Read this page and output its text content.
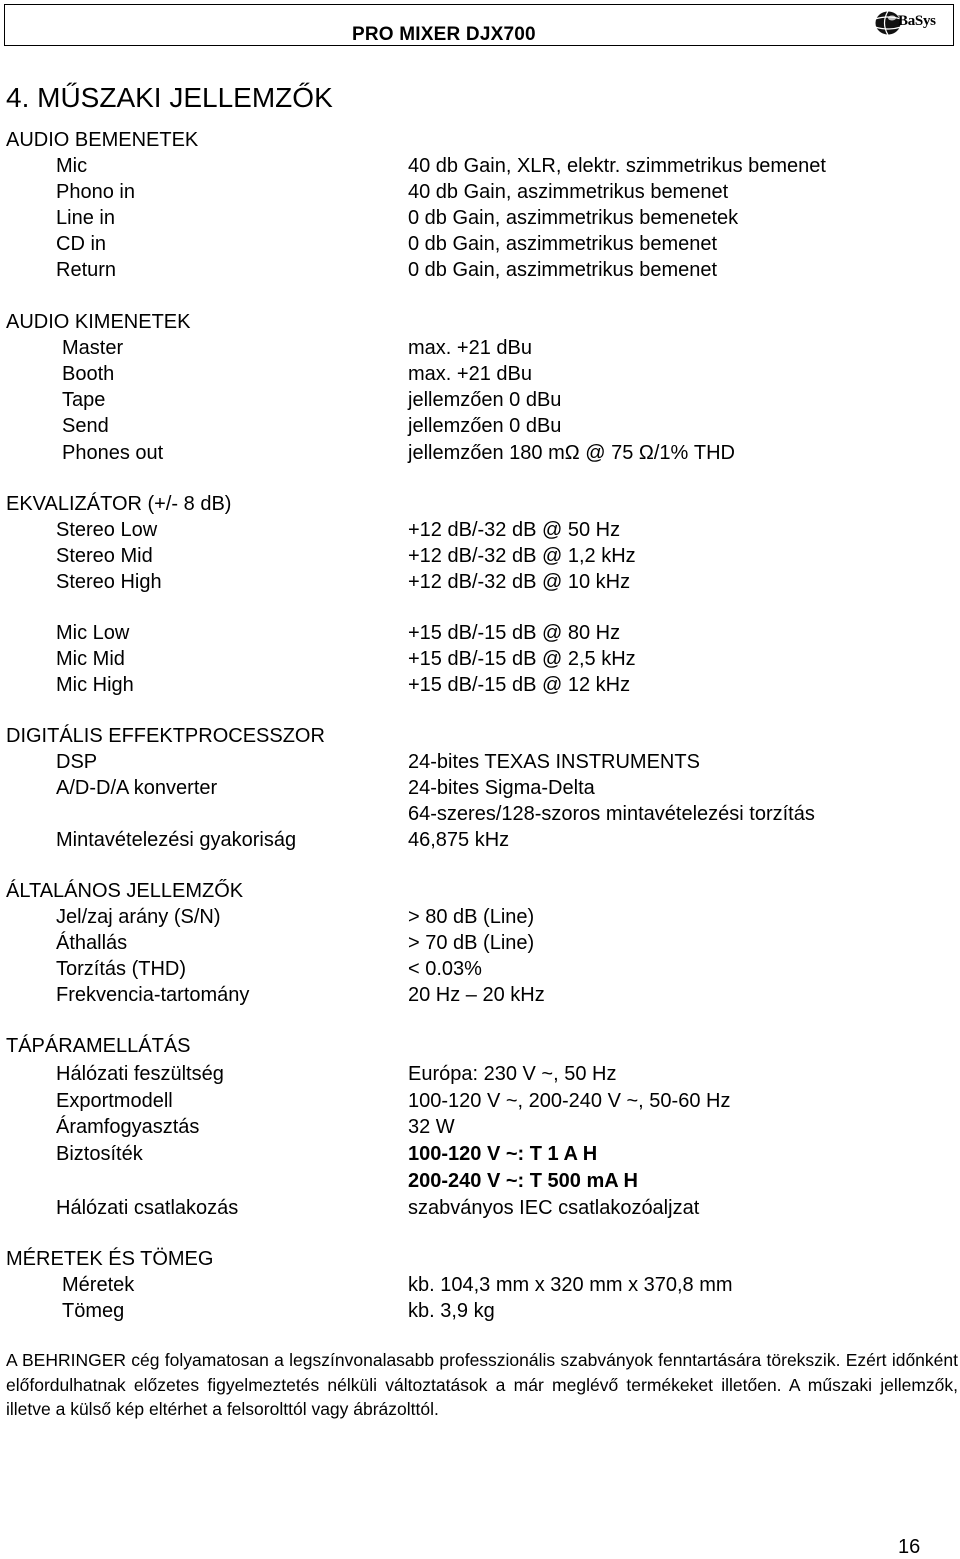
PRO MIXER DJX700
BaSys
4. MŰSZAKI JELLEMZŐK
AUDIO BEMENETEK
Mic	40 db Gain, XLR, elektr. szimmetrikus bemenet
Phono in	40 db Gain, aszimmetrikus bemenet
Line in	0 db Gain, aszimmetrikus bemenetek
CD in	0 db Gain, aszimmetrikus bemenet
Return	0 db Gain, aszimmetrikus bemenet
AUDIO KIMENETEK
Master	max. +21 dBu
Booth	max. +21 dBu
Tape	jellemzően 0 dBu
Send	jellemzően 0 dBu
Phones out	jellemzően 180 mΩ @ 75 Ω/1% THD
EKVALIZÁTOR (+/- 8 dB)
Stereo Low	+12 dB/-32 dB @ 50 Hz
Stereo Mid	+12 dB/-32 dB @ 1,2 kHz
Stereo High	+12 dB/-32 dB @ 10 kHz
Mic Low	+15 dB/-15 dB @ 80 Hz
Mic Mid	+15 dB/-15 dB @ 2,5 kHz
Mic High	+15 dB/-15 dB @ 12 kHz
DIGITÁLIS EFFEKTPROCESSZOR
DSP	24-bites TEXAS INSTRUMENTS
A/D-D/A konverter	24-bites Sigma-Delta
64-szeres/128-szoros mintavételezési torzítás
Mintavételezési gyakoriság	46,875 kHz
ÁLTALÁNOS JELLEMZŐK
Jel/zaj arány (S/N)	> 80 dB (Line)
Áthallás	> 70 dB (Line)
Torzítás (THD)	< 0.03%
Frekvencia-tartomány	20 Hz – 20 kHz
TÁPÁRAMELLÁTÁS
Hálózati feszültség	Európa: 230 V ~, 50 Hz
Exportmodell	100-120 V ~, 200-240 V ~, 50-60 Hz
Áramfogyasztás	32 W
Biztosíték	100-120 V ~: T 1 A H
200-240 V ~: T 500 mA H
Hálózati csatlakozás	szabványos IEC csatlakozóaljzat
MÉRETEK ÉS TÖMEG
Méretek	kb. 104,3 mm x 320 mm x 370,8 mm
Tömeg	kb. 3,9 kg
A BEHRINGER cég folyamatosan a legszínvonalasabb professzionális szabványok fenntartására törekszik. Ezért időnként előfordulhatnak előzetes figyelmeztetés nélküli változtatások a már meglévő termékeket illetően. A műszaki jellemzők, illetve a külső kép eltérhet a felsorolttól vagy ábrázolttól.
16
